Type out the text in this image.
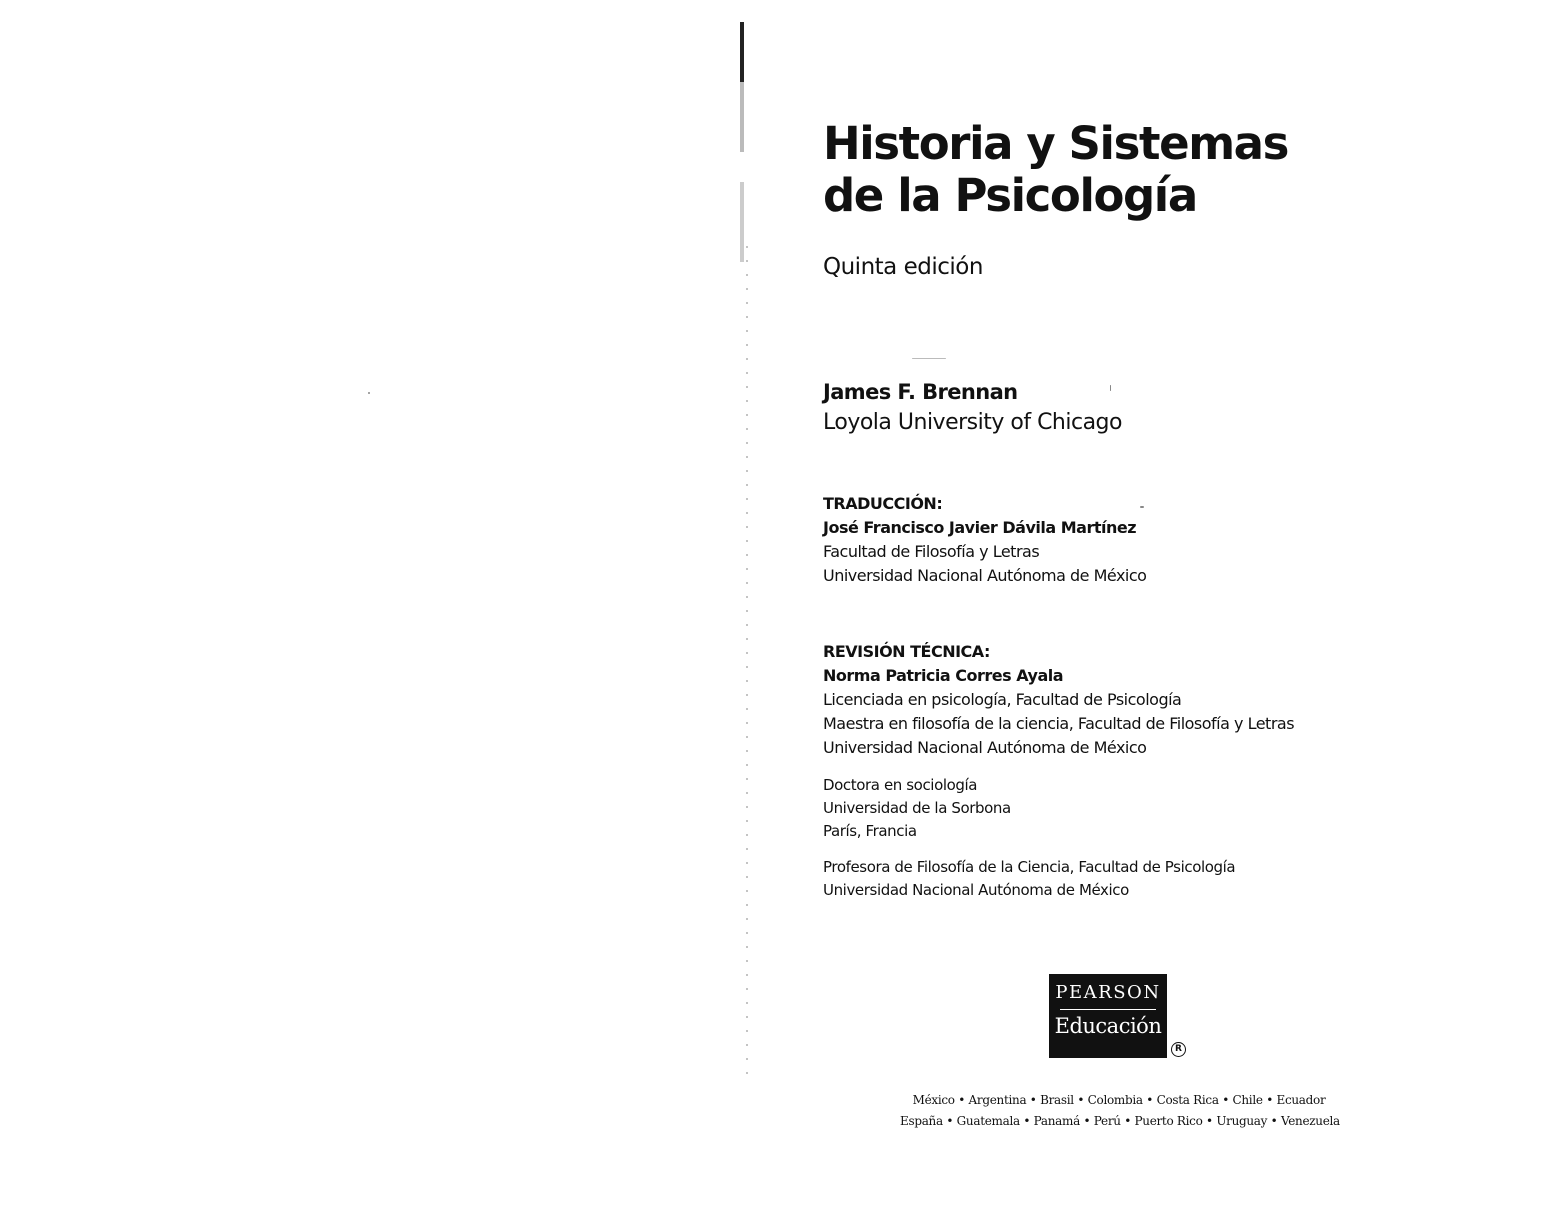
Historia y Sistemas
de la Psicología
Quinta edición
James F. Brennan
Loyola University of Chicago
TRADUCCIÓN:
José Francisco Javier Dávila Martínez
Facultad de Filosofía y Letras
Universidad Nacional Autónoma de México
REVISIÓN TÉCNICA:
Norma Patricia Corres Ayala
Licenciada en psicología, Facultad de Psicología
Maestra en filosofía de la ciencia, Facultad de Filosofía y Letras
Universidad Nacional Autónoma de México
Doctora en sociología
Universidad de la Sorbona
París, Francia
Profesora de Filosofía de la Ciencia, Facultad de Psicología
Universidad Nacional Autónoma de México
PEARSON
Educación
R
México • Argentina • Brasil • Colombia • Costa Rica • Chile • Ecuador
España • Guatemala • Panamá • Perú • Puerto Rico • Uruguay • Venezuela
